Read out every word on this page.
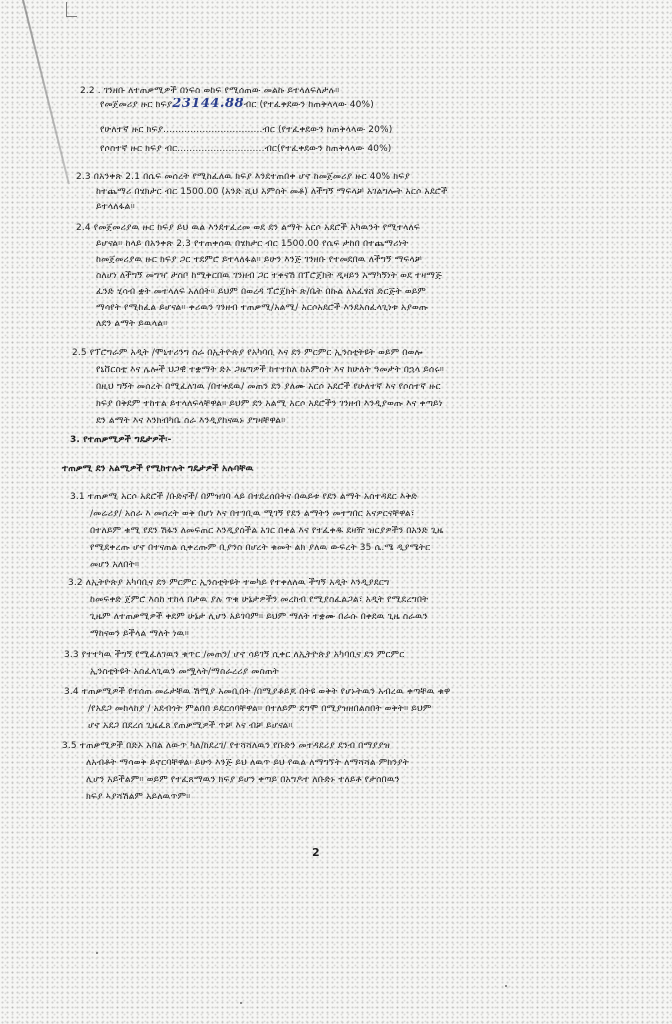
2.2 . ገንዘቡ ለተጠቃሚዎች በነፍስ ወከፍ የሚሰጠው መልኩ ይተላለፍለታሉ።
የመጀመሪያ ዙር ክፍያ23144.88ብር (የተፈቀደውን ከጠቅላላው 40%)
የሁለተኛ ዙር ክፍያ.................................ብር (የተፈቀደውን ከጠቅላላው 20%)
የሶስተኛ ዙር ክፍያ ብር.............................ብር(የተፈቀደውን ከጠቅላላው 40%)
2.3 በአንቀጽ 2.1 በሴፍ መሰረት የሚከፈለዉ ክፍያ እንደተጠበቀ ሆኖ ከመጀመሪያ ዙር 40% ክፍያ
ከተጨማሪ በሄክታር ብር 1500.00 (አንድ ሺህ አምስት መቶ) ለችግኝ ማፍላቻ አገልግሎት አርሶ አደሮች
ይተላለፋል።
2.4 የመጀመሪያዉ ዙር ክፍያ ይህ ዉል እንደተፈረመ ወደ ደን ልማት አርሶ አደሮች አካዉንት የሚተላለፍ
ይሆናል። ከላይ በአንቀጽ 2.3 የተጠቀሰዉ በሄክታር ብር 1500.00 የሴፍ ታከበ በተጨማሪነት
ከመጀመሪያዉ ዙር ክፍያ ጋር ተደምሮ ይተላለፋል። ይሁን እንጅ ገንዘቡ የተመደበዉ ለችግኝ ማፍላቻ
ስለሆነ ለችግኝ መግዣ ታስቦ ከሚቀርበዉ ገንዘብ ጋር ተቀናሽ በፕሮጀክት ዲዛይን አማካኝነት ወደ ተዛማጅ
ፈንድ ሂሳብ ቋት መተላለፍ አለበት። ይህም በወረዳ ፕሮጀክት ጽ/ቤት በኩል ለአፈፃሸ ድርጅት ወይም
ማሳየት የሚከፈል ይሆናል። ቀሪዉን ገንዘብ ተጠቃሚ/አልሚ/ አርሶአደሮች እንደአስፈላጊነቱ አያወጡ
ለደን ልማት ይዉላል።
2.5 የፕሮግራም አዲት /ሞኒተሪንግ ስራ በኢትዮጵያ የአካባቢ እና ደን ምርምር ኢንስቲትዩት ወይም በወሎ
የኒቨርስቲ እና ሌሎች ህጋዊ ተቋማት ድኦ ጋዜጣዎች ከተተከለ ከአምስት እና ከሁለት ዓመታት በኋላ ይሰሩ።
በዚህ ግኝት መሰረት በሚፈለገዉ /በተቀደዉ/ መጠን ደን ያለሙ አርሶ አደሮች የሁለተኛ እና የሶስተኛ ዙር
ክፍያ በቅደም ተከተል ይተላለፍላቸዋል። ይህም ደን አልሚ አርሶ አደሮችን ገንዘብ እንዲያወጡ እና ቀጣይነ
ደን ልማት እና እንክብካቤ ስራ እንዲያከናዉኑ ያግዛቸዋል።
3. የተጠቃሚዎች ግዴታዎች፡-
ተጠቃሚ ደን አልሚዎች የሚከተሉት ግዴታዎች አሉባቸዉ
3.1 ተጠቃሚ አርሶ አደሮች /ቡድኖች/ በምዝገባ ላይ በተደረሰበትና በዉይቱ የደን ልማት አስተዳደር እቅድ
/መሬሪያ/ አሰራ እ መሰረት ወቅ በሆነ እና በተገቢዉ ሚገኝ የደን ልማትን መተግበር አናዎርናቸዋል፣
በተለይም ቁሚ የደን ሽፋን ለመፍጠር እንዲያስችል አገር በቀል እና የተፈቀዱ ደዛዥ ዝርያዎችን በአንድ ጊዜ
የሚደቀረጡ ሆኖ በተናጠል ሲቀረጡም ቢያንስ በሆረት ቁመት ልክ ያለዉ ውፍረት 35 ሴ.ሜ ዲያሜትር
መሆን አለበት።
3.2 ለኢትዮጵያ አካባቢና ደን ምርምር ኢንስቲትዩት ተወካይ የተቀለለዉ ችግኝ አዲት እንዲያደርግ
ከመፍቀድ ጀምሮ እስከ ተከላ በታዉ ያሉ ጥቁ ሁኔታዎችን መረከብ የሚያስፈልጋል፣ አዲት የሚደረግበት
ጊዜም ለተጠቃሚዎች ቀደም ሁኔታ ሊሆን አይገባም። ይህም ማለት ተቋሙ በራሱ በቀደዉ ጊዜ ስራዉን
ማከናወን ይችላል ማለት ነዉ።
3.3 የተተካዉ ችግኝ የሚፈለገዉን ቁጥር /መጠን/ ሆኖ ሳይገኝ ሲቀር ለኢትዮጵያ አካባቢና ደን ምርምር
ኢንስቲትዩት አስፈላጊዉን መሟላት/ማስራረሪያ መስጠት
3.4 ተጠቃሚዎች የተሰጠ መሬታቸዉ ሽሚያ አመቢበት /በሚያቆይጆ በትዩ ወቅት የሆኑትዉን አብረዉ ቀጣቸዉ ቁዋ
/የአደጋ መከላከያ / አደብጎት ምልበበ ይደርሰባቸዋል። በተለይም ደግሞ በሚያዝዘበልስበት ወቅት። ይህም
ሆኖ አደጋ በደረሰ ጊዜፈጸ የጠቃሚዎች ጥቻ እና ብቻ ይሆናል።
3.5 ተጠቃሚዎች በድኦ አባል ለውጥ ካለ/ከደረገ/ የተሻሻለዉን የቡድን መተዳደሪያ ደንብ በማያያዝ
ለአብቶት ማሳወቅ ይኖርባቸዋል፡ ይሁን እንጅ ይህ ለዉጥ ይህ የዉል ለማግኘት ለማሻሻል ምክንያት
ሊሆን አይችልም። ወይም የተፈጸማዉን ክፍያ ይሆን ቀጣይ በአግዶተ ለቡድኑ ተለይቶ የታሰበዉን
ክፍያ ኣያሻሽልም አይለዉጥም።
2
